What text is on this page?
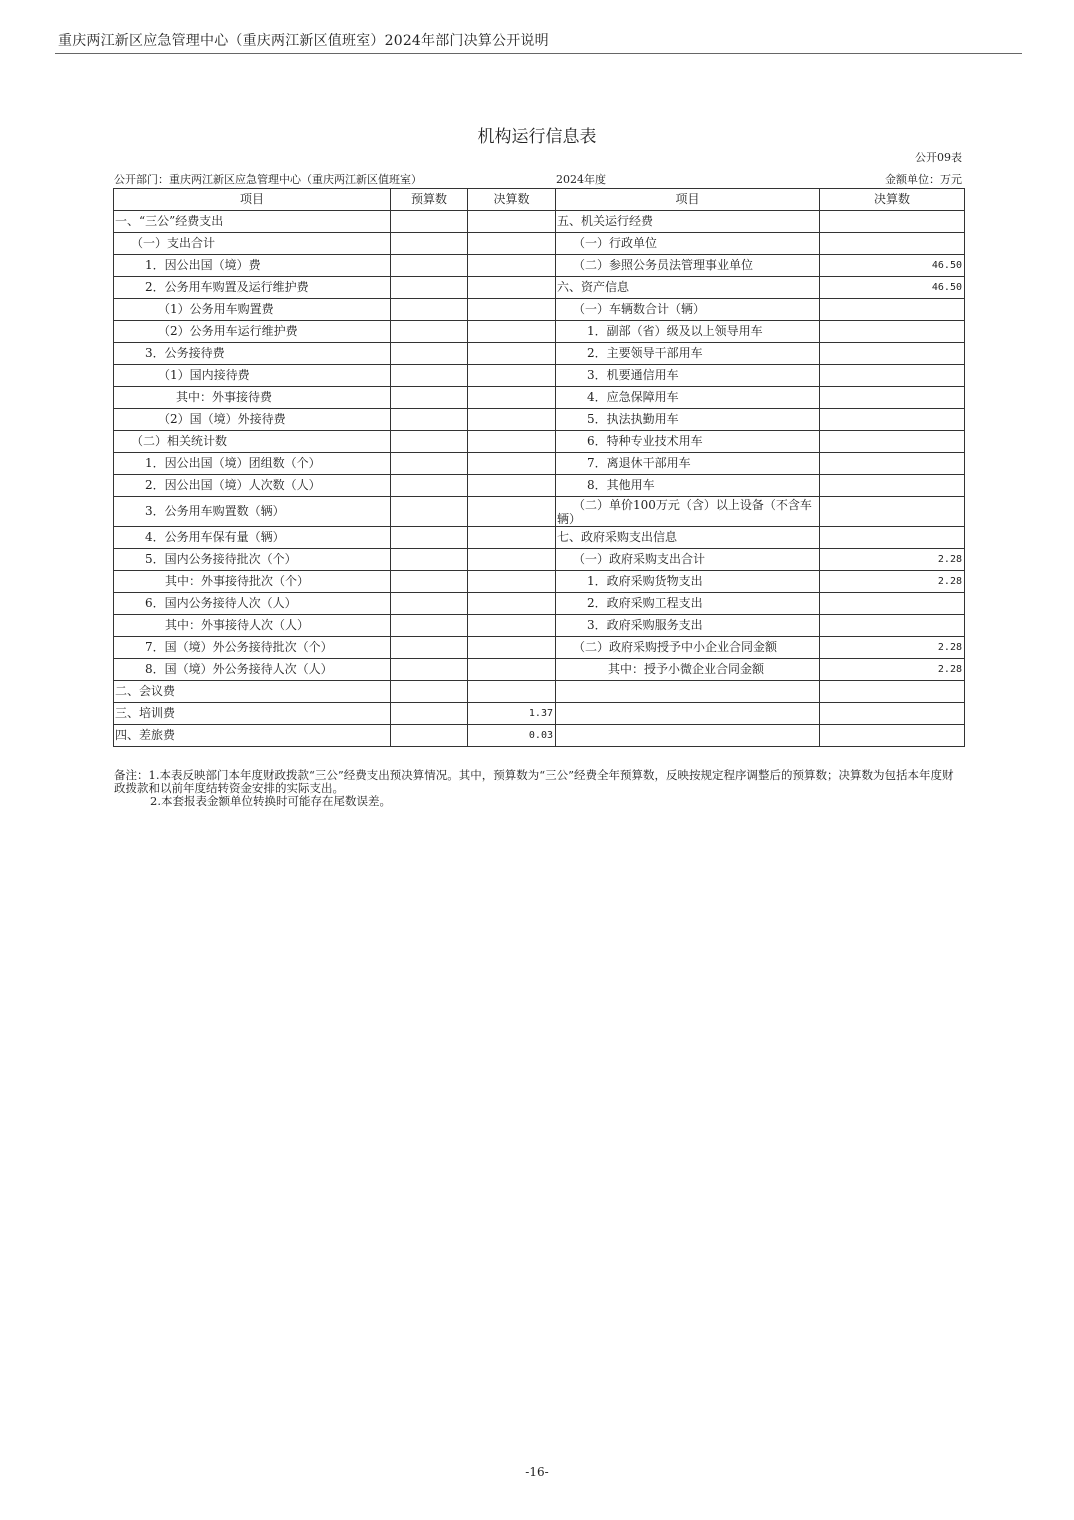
重庆两江新区应急管理中心（重庆两江新区值班室）2024年部门决算公开说明
机构运行信息表
公开09表
公开部门：重庆两江新区应急管理中心（重庆两江新区值班室）	2024年度	金额单位：万元
项目	预算数	决算数	项目	决算数
一、“三公”经费支出			五、机关运行经费	
（一）支出合计			（一）行政单位	
1．因公出国（境）费			（二）参照公务员法管理事业单位	46.50
2．公务用车购置及运行维护费			六、资产信息	46.50
（1）公务用车购置费			（一）车辆数合计（辆）	
（2）公务用车运行维护费			1．副部（省）级及以上领导用车	
3．公务接待费			2．主要领导干部用车	
（1）国内接待费			3．机要通信用车	
其中：外事接待费			4．应急保障用车	
（2）国（境）外接待费			5．执法执勤用车	
（二）相关统计数			6．特种专业技术用车	
1．因公出国（境）团组数（个）			7．离退休干部用车	
2．因公出国（境）人次数（人）			8．其他用车	
3．公务用车购置数（辆）			（二）单价100万元（含）以上设备（不含车辆）	
4．公务用车保有量（辆）			七、政府采购支出信息	
5．国内公务接待批次（个）			（一）政府采购支出合计	2.28
其中：外事接待批次（个）			1．政府采购货物支出	2.28
6．国内公务接待人次（人）			2．政府采购工程支出	
其中：外事接待人次（人）			3．政府采购服务支出	
7．国（境）外公务接待批次（个）			（二）政府采购授予中小企业合同金额	2.28
8．国（境）外公务接待人次（人）			其中：授予小微企业合同金额	2.28
二、会议费				
三、培训费		1.37		
四、差旅费		0.03		

备注：1.本表反映部门本年度财政拨款“三公”经费支出预决算情况。其中，预算数为“三公”经费全年预算数，反映按规定程序调整后的预算数；决算数为包括本年度财政拨款和以前年度结转资金安排的实际支出。

2.本套报表金额单位转换时可能存在尾数误差。

-16-
